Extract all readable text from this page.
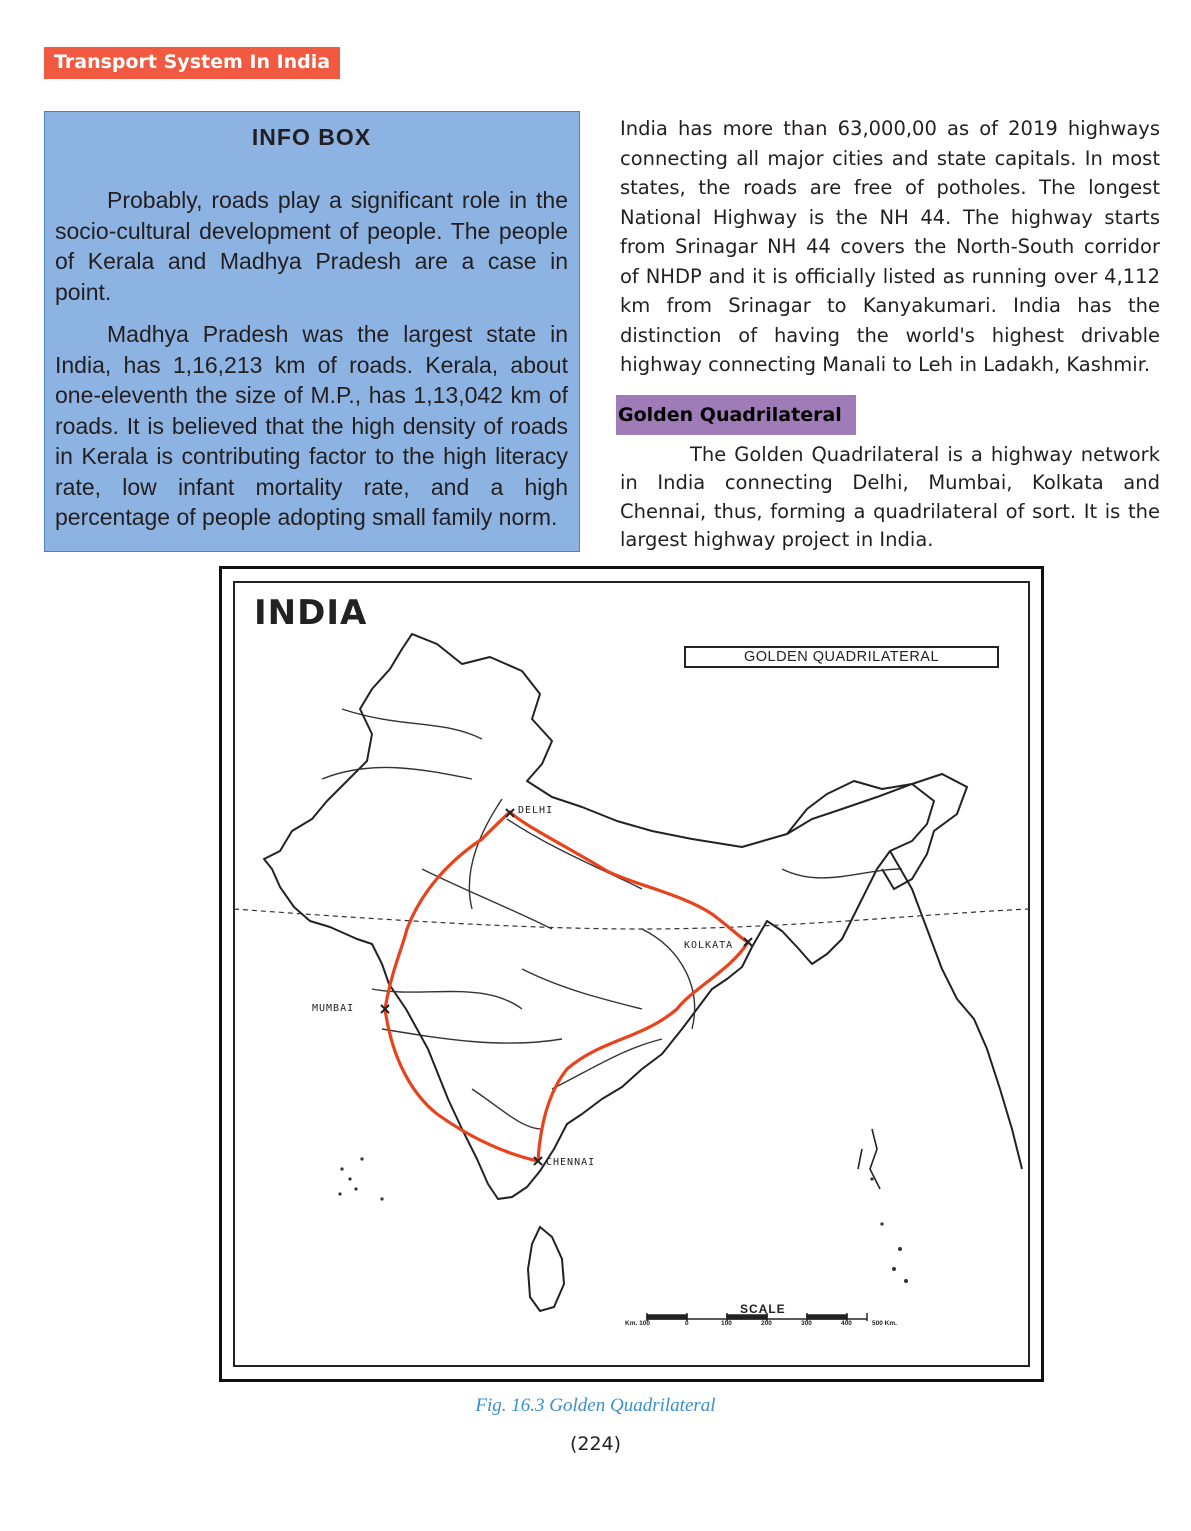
Transport System In India
INFO BOX

Probably, roads play a significant role in the socio-cultural development of people. The people of Kerala and Madhya Pradesh are a case in point.

Madhya Pradesh was the largest state in India, has 1,16,213 km of roads. Kerala, about one-eleventh the size of M.P., has 1,13,042 km of roads. It is believed that the high density of roads in Kerala is contributing factor to the high literacy rate, low infant mortality rate, and a high percentage of people adopting small family norm.

India has more than 63,000,00 as of 2019 highways connecting all major cities and state capitals. In most states, the roads are free of potholes. The longest National Highway is the NH 44. The highway starts from Srinagar NH 44 covers the North-South corridor of NHDP and it is officially listed as running over 4,112 km from Srinagar to Kanyakumari. India has the distinction of having the world's highest drivable highway connecting Manali to Leh in Ladakh, Kashmir.

Golden Quadrilateral

The Golden Quadrilateral is a highway network in India connecting Delhi, Mumbai, Kolkata and Chennai, thus, forming a quadrilateral of sort. It is the largest highway project in India.

INDIA
GOLDEN QUADRILATERAL
DELHI
KOLKATA
MUMBAI
CHENNAI
SCALE
Km. 100	0	100	200	300	400	500 Km.
Fig. 16.3 Golden Quadrilateral
(224)
